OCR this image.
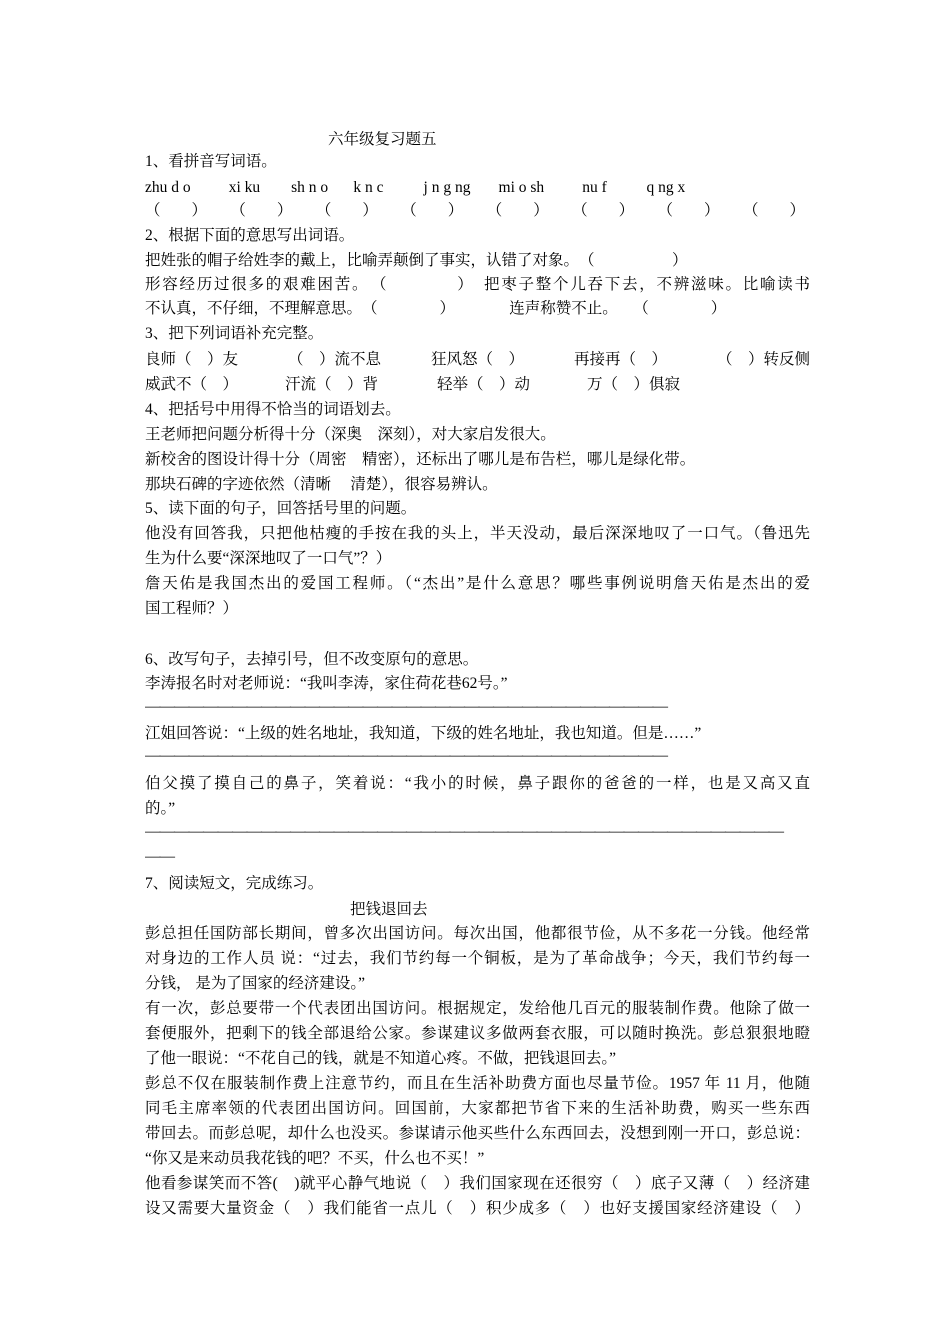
六年级复习题五
1、看拼音写词语。
zhu d o	xi ku	sh n o	k n c	j n g ng	mi o sh	nu f	q ng x
（　　） （　　） （　　） （　　） （　　） （　　） （　　） （　　）
2、根据下面的意思写出词语。
把姓张的帽子给姓李的戴上，比喻弄颠倒了事实，认错了对象。　（　　　　　）
形容经历过很多的艰难困苦。　（　　　　）　把枣子整个儿吞下去，不辨滋味。比喻读书
不认真，不仔细，不理解意思。　（　　　　）　　　　连声称赞不止。　　（　　　　）
3、把下列词语补充完整。
良师（　）友	（　）流不息	狂风怒（　）	再接再（　）	（　）转反侧
威武不（　）	汗流（　）背	轻举（　）动	万（　）俱寂
4、把括号中用得不恰当的词语划去。
王老师把问题分析得十分（深奥　深刻），对大家启发很大。
新校舍的图设计得十分（周密　精密），还标出了哪儿是布告栏，哪儿是绿化带。
那块石碑的字迹依然（清晰　 清楚），很容易辨认。
5、读下面的句子，回答括号里的问题。
他没有回答我，只把他枯瘦的手按在我的头上，半天没动，最后深深地叹了一口气。（鲁迅先
生为什么要“深深地叹了一口气”？）
詹天佑是我国杰出的爱国工程师。（“杰出”是什么意思？哪些事例说明詹天佑是杰出的爱
国工程师？）
6、改写句子，去掉引号，但不改变原句的意思。
李涛报名时对老师说：“我叫李涛，家住荷花巷62号。”
————————————————————————————————————
江姐回答说：“上级的姓名地址，我知道，下级的姓名地址，我也知道。但是……”
————————————————————————————————————
伯父摸了摸自己的鼻子，笑着说：“我小的时候，鼻子跟你的爸爸的一样，也是又高又直
的。”
————————————————————————————————————————————
——
7、阅读短文，完成练习。
把钱退回去
彭总担任国防部长期间，曾多次出国访问。每次出国，他都很节俭，从不多花一分钱。他经常
对身边的工作人员 说：“过去，我们节约每一个铜板，是为了革命战争；今天，我们节约每一
分钱， 是为了国家的经济建设。”
有一次，彭总要带一个代表团出国访问。根据规定，发给他几百元的服装制作费。他除了做一
套便服外，把剩下的钱全部退给公家。参谋建议多做两套衣服，可以随时换洗。彭总狠狠地瞪
了他一眼说：“不花自己的钱，就是不知道心疼。不做，把钱退回去。”
彭总不仅在服装制作费上注意节约，而且在生活补助费方面也尽量节俭。1957 年 11 月，他随
同毛主席率领的代表团出国访问。回国前，大家都把节省下来的生活补助费，购买一些东西
带回去。而彭总呢，却什么也没买。参谋请示他买些什么东西回去，没想到刚一开口，彭总说：
“你又是来动员我花钱的吧？不买，什么也不买！”
他看参谋笑而不答(　)就平心静气地说（　）我们国家现在还很穷（　）底子又薄（　）经济建
设又需要大量资金（　）我们能省一点儿（　）积少成多（　）也好支援国家经济建设（　）
